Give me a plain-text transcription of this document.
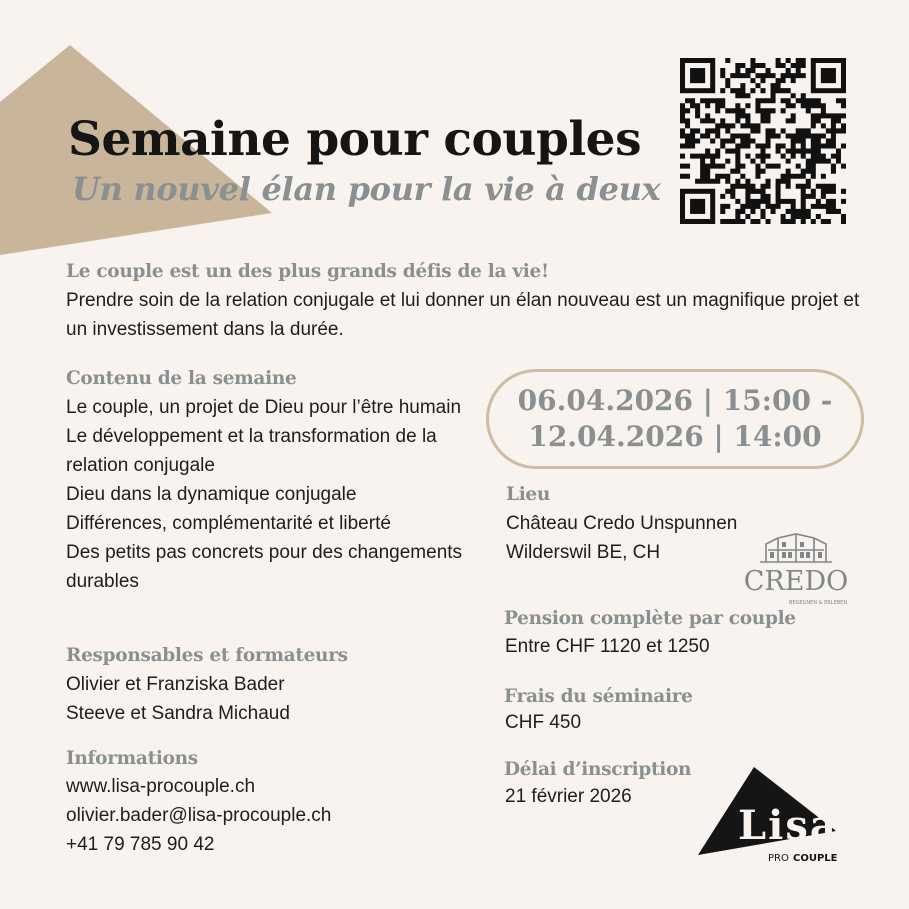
Semaine pour couples
Un nouvel élan pour la vie à deux
Le couple est un des plus grands défis de la vie!
Prendre soin de la relation conjugale et lui donner un élan nouveau est un magnifique projet et un investissement dans la durée.
Contenu de la semaine
Le couple, un projet de Dieu pour l’être humain
Le développement et la transformation de la relation conjugale
Dieu dans la dynamique conjugale
Différences, complémentarité et liberté
Des petits pas concrets pour des changements durables
Responsables et formateurs
Olivier et Franziska Bader
Steeve et Sandra Michaud
Informations
www.lisa-procouple.ch
olivier.bader@lisa-procouple.ch
+41 79 785 90 42
06.04.2026 | 15:00 -
12.04.2026 | 14:00
Lieu
Château Credo Unspunnen
Wilderswil BE, CH
CREDO
BEGEGNEN & ERLEBEN
Pension complète par couple
Entre CHF 1120 et 1250
Frais du séminaire
CHF 450
Délai d’inscription
21 février 2026
Lisa
PRO COUPLE
